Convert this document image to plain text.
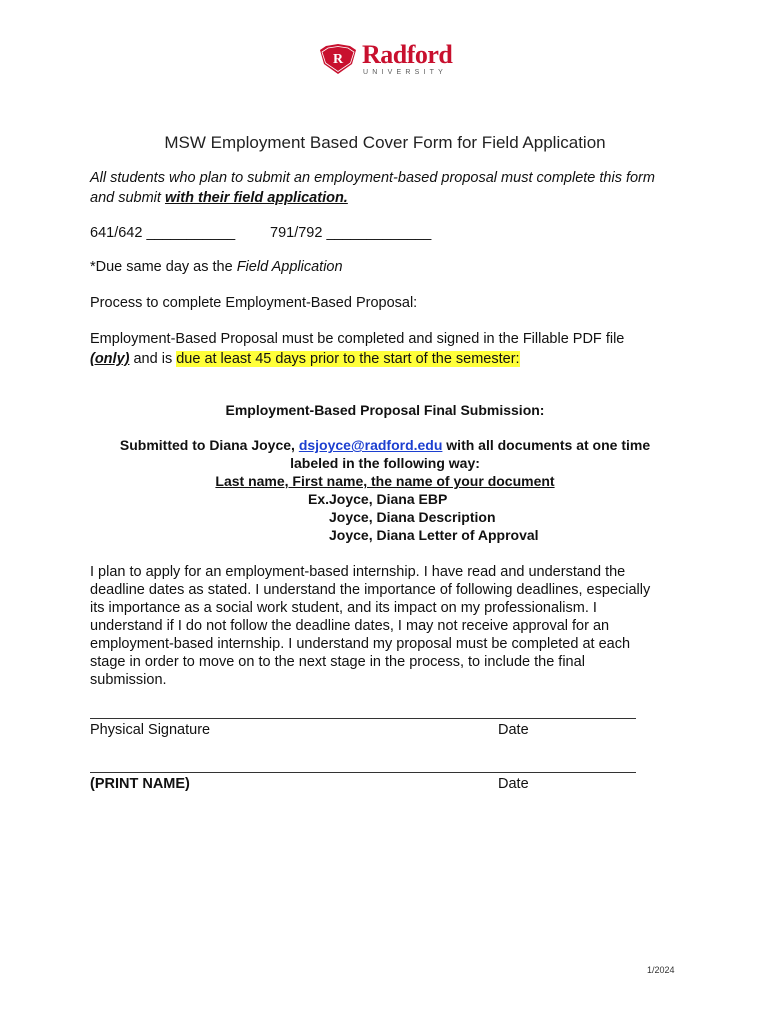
R Radford
UNIVERSITY
MSW Employment Based Cover Form for Field Application
All students who plan to submit an employment-based proposal must complete this form
and submit with their field application.
641/642 ___________ 791/792 _____________
*Due same day as the Field Application
Process to complete Employment-Based Proposal:
Employment-Based Proposal must be completed and signed in the Fillable PDF file
(only) and is due at least 45 days prior to the start of the semester:
Employment-Based Proposal Final Submission:
Submitted to Diana Joyce, dsjoyce@radford.edu with all documents at one time
labeled in the following way:
Last name, First name, the name of your document
Ex.Joyce, Diana EBP
Joyce, Diana Description
Joyce, Diana Letter of Approval
I plan to apply for an employment-based internship. I have read and understand the
deadline dates as stated. I understand the importance of following deadlines, especially
its importance as a social work student, and its impact on my professionalism. I
understand if I do not follow the deadline dates, I may not receive approval for an
employment-based internship. I understand my proposal must be completed at each
stage in order to move on to the next stage in the process, to include the final
submission.
Physical Signature	Date
(PRINT NAME)	Date
1/2024
